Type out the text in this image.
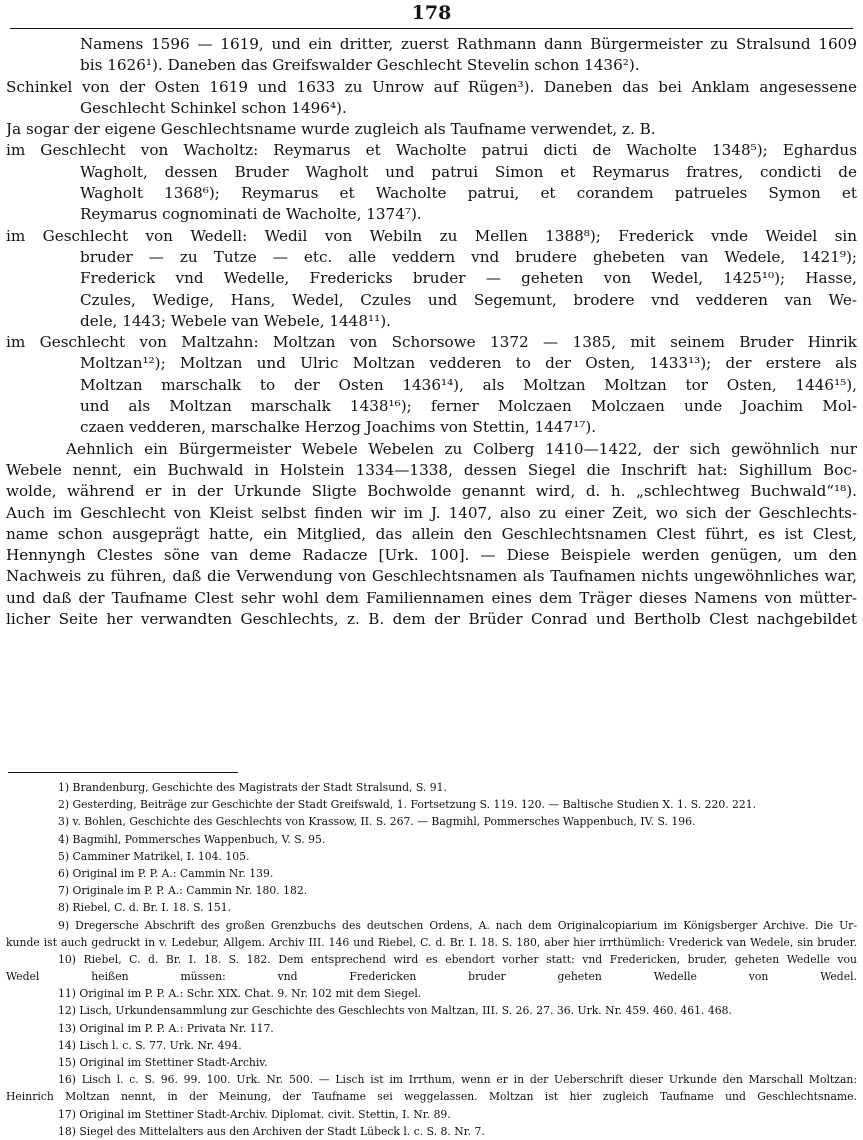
178
Namens 1596 — 1619, und ein dritter, zuerst Rathmann dann Bürgermeister zu Stralsund 1609
bis 1626¹). Daneben das Greifswalder Geschlecht Stevelin schon 1436²).
Schinkel von der Osten 1619 und 1633 zu Unrow auf Rügen³). Daneben das bei Anklam angesessene
Geschlecht Schinkel schon 1496⁴).
Ja sogar der eigene Geschlechtsname wurde zugleich als Taufname verwendet, z. B.
im Geschlecht von Wacholtz: Reymarus et Wacholte patrui dicti de Wacholte 1348⁵); Eghardus
Wagholt, dessen Bruder Wagholt und patrui Simon et Reymarus fratres, condicti de
Wagholt 1368⁶); Reymarus et Wacholte patrui, et corandem patrueles Symon et
Reymarus cognominati de Wacholte, 1374⁷).
im Geschlecht von Wedell: Wedil von Webiln zu Mellen 1388⁸); Frederick vnde Weidel sin
bruder — zu Tutze — etc. alle veddern vnd brudere ghebeten van Wedele, 1421⁹);
Frederick vnd Wedelle, Fredericks bruder — geheten von Wedel, 1425¹⁰); Hasse,
Czules, Wedige, Hans, Wedel, Czules und Segemunt, brodere vnd vedderen van We-
dele, 1443; Webele van Webele, 1448¹¹).
im Geschlecht von Maltzahn: Moltzan von Schorsowe 1372 — 1385, mit seinem Bruder Hinrik
Moltzan¹²); Moltzan und Ulric Moltzan vedderen to der Osten, 1433¹³); der erstere als
Moltzan marschalk to der Osten 1436¹⁴), als Moltzan Moltzan tor Osten, 1446¹⁵),
und als Moltzan marschalk 1438¹⁶); ferner Molczaen Molczaen unde Joachim Mol-
czaen vedderen, marschalke Herzog Joachims von Stettin, 1447¹⁷).
Aehnlich ein Bürgermeister Webele Webelen zu Colberg 1410—1422, der sich gewöhnlich nur
Webele nennt, ein Buchwald in Holstein 1334—1338, dessen Siegel die Inschrift hat: Sighillum Boc-
wolde, während er in der Urkunde Sligte Bochwolde genannt wird, d. h. „schlechtweg Buchwald“¹⁸).
Auch im Geschlecht von Kleist selbst finden wir im J. 1407, also zu einer Zeit, wo sich der Geschlechts-
name schon ausgeprägt hatte, ein Mitglied, das allein den Geschlechtsnamen Clest führt, es ist Clest,
Hennyngh Clestes söne van deme Radacze [Urk. 100]. — Diese Beispiele werden genügen, um den
Nachweis zu führen, daß die Verwendung von Geschlechtsnamen als Taufnamen nichts ungewöhnliches war,
und daß der Taufname Clest sehr wohl dem Familiennamen eines dem Träger dieses Namens von mütter-
licher Seite her verwandten Geschlechts, z. B. dem der Brüder Conrad und Bertholb Clest nachgebildet
1) Brandenburg, Geschichte des Magistrats der Stadt Stralsund, S. 91.
2) Gesterding, Beiträge zur Geschichte der Stadt Greifswald, 1. Fortsetzung S. 119. 120. — Baltische Studien X. 1. S. 220. 221.
3) v. Bohlen, Geschichte des Geschlechts von Krassow, II. S. 267. — Bagmihl, Pommersches Wappenbuch, IV. S. 196.
4) Bagmihl, Pommersches Wappenbuch, V. S. 95.
5) Camminer Matrikel, I. 104. 105.
6) Original im P. P. A.: Cammin Nr. 139.
7) Originale im P. P. A.: Cammin Nr. 180. 182.
8) Riebel, C. d. Br. I. 18. S. 151.
9) Dregersche Abschrift des großen Grenzbuchs des deutschen Ordens, A. nach dem Originalcopiarium im Königsberger Archive. Die Ur-
kunde ist auch gedruckt in v. Ledebur, Allgem. Archiv III. 146 und Riebel, C. d. Br. I. 18. S. 180, aber hier irrthümlich: Vrederick van Wedele, sin bruder.
10) Riebel, C. d. Br. I. 18. S. 182. Dem entsprechend wird es ebendort vorher statt: vnd Fredericken, bruder, geheten Wedelle vou
Wedel heißen müssen: vnd Fredericken bruder geheten Wedelle von Wedel.
11) Original im P. P. A.: Schr. XIX. Chat. 9. Nr. 102 mit dem Siegel.
12) Lisch, Urkundensammlung zur Geschichte des Geschlechts von Maltzan, III. S. 26. 27. 36. Urk. Nr. 459. 460. 461. 468.
13) Original im P. P. A.: Privata Nr. 117.
14) Lisch l. c. S. 77. Urk. Nr. 494.
15) Original im Stettiner Stadt-Archiv.
16) Lisch l. c. S. 96. 99. 100. Urk. Nr. 500. — Lisch ist im Irrthum, wenn er in der Ueberschrift dieser Urkunde den Marschall Moltzan:
Heinrich Moltzan nennt, in der Meinung, der Taufname sei weggelassen. Moltzan ist hier zugleich Taufname und Geschlechtsname.
17) Original im Stettiner Stadt-Archiv. Diplomat. civit. Stettin, I. Nr. 89.
18) Siegel des Mittelalters aus den Archiven der Stadt Lübeck l. c. S. 8. Nr. 7.
